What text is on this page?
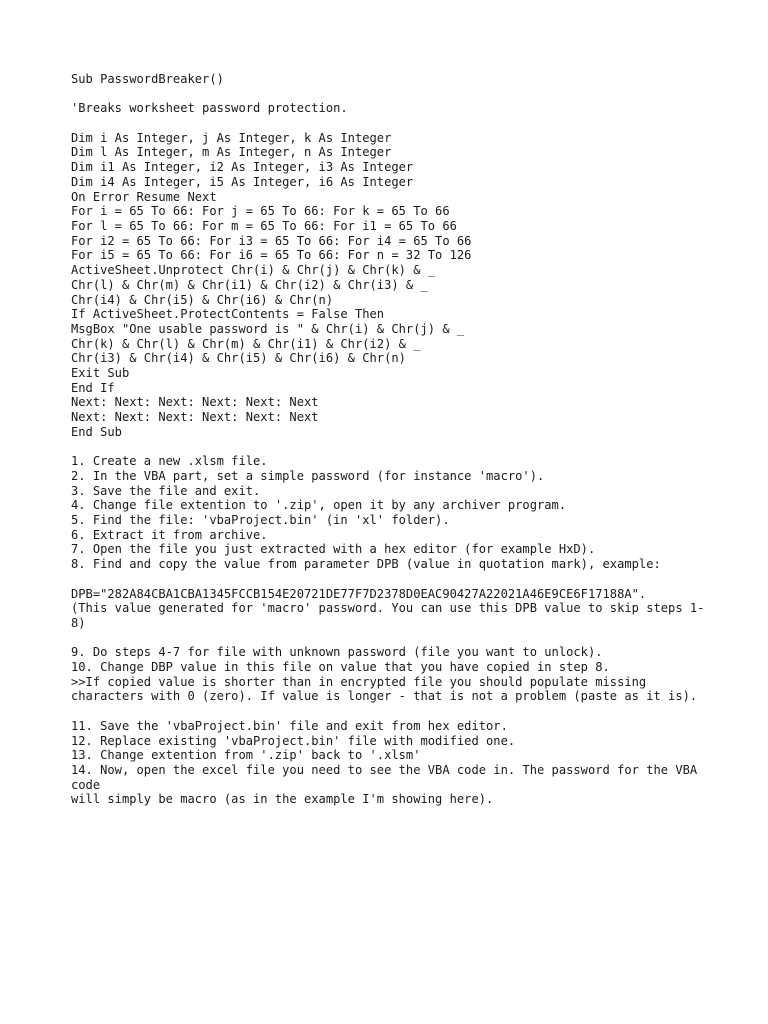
Sub PasswordBreaker()
'Breaks worksheet password protection.
Dim i As Integer, j As Integer, k As Integer
Dim l As Integer, m As Integer, n As Integer
Dim i1 As Integer, i2 As Integer, i3 As Integer
Dim i4 As Integer, i5 As Integer, i6 As Integer
On Error Resume Next
For i = 65 To 66: For j = 65 To 66: For k = 65 To 66
For l = 65 To 66: For m = 65 To 66: For i1 = 65 To 66
For i2 = 65 To 66: For i3 = 65 To 66: For i4 = 65 To 66
For i5 = 65 To 66: For i6 = 65 To 66: For n = 32 To 126
ActiveSheet.Unprotect Chr(i) & Chr(j) & Chr(k) & _
Chr(l) & Chr(m) & Chr(i1) & Chr(i2) & Chr(i3) & _
Chr(i4) & Chr(i5) & Chr(i6) & Chr(n)
If ActiveSheet.ProtectContents = False Then
MsgBox "One usable password is " & Chr(i) & Chr(j) & _
Chr(k) & Chr(l) & Chr(m) & Chr(i1) & Chr(i2) & _
Chr(i3) & Chr(i4) & Chr(i5) & Chr(i6) & Chr(n)
Exit Sub
End If
Next: Next: Next: Next: Next: Next
Next: Next: Next: Next: Next: Next
End Sub
1. Create a new .xlsm file.
2. In the VBA part, set a simple password (for instance 'macro').
3. Save the file and exit.
4. Change file extention to '.zip', open it by any archiver program.
5. Find the file: 'vbaProject.bin' (in 'xl' folder).
6. Extract it from archive.
7. Open the file you just extracted with a hex editor (for example HxD).
8. Find and copy the value from parameter DPB (value in quotation mark), example:
DPB="282A84CBA1CBA1345FCCB154E20721DE77F7D2378D0EAC90427A22021A46E9CE6F17188A".
(This value generated for 'macro' password. You can use this DPB value to skip steps 1-8)
9. Do steps 4-7 for file with unknown password (file you want to unlock).
10. Change DBP value in this file on value that you have copied in step 8.
>>If copied value is shorter than in encrypted file you should populate missing characters with 0 (zero). If value is longer - that is not a problem (paste as it is).
11. Save the 'vbaProject.bin' file and exit from hex editor.
12. Replace existing 'vbaProject.bin' file with modified one.
13. Change extention from '.zip' back to '.xlsm'
14. Now, open the excel file you need to see the VBA code in. The password for the VBA code
will simply be macro (as in the example I'm showing here).
